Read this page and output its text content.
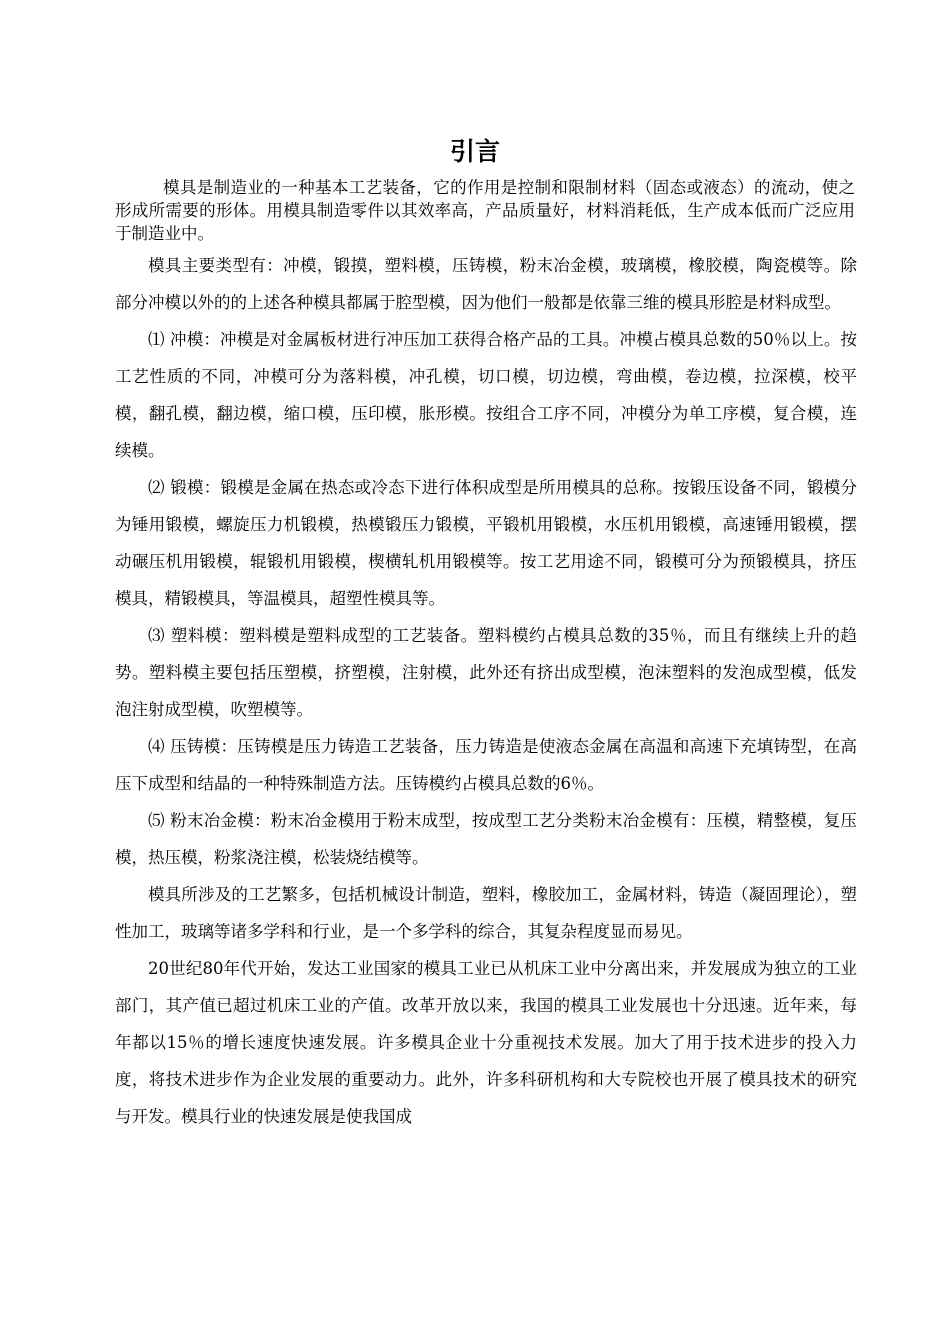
引言

模具是制造业的一种基本工艺装备，它的作用是控制和限制材料（固态或液态）的流动，使之形成所需要的形体。用模具制造零件以其效率高，产品质量好，材料消耗低，生产成本低而广泛应用于制造业中。

模具主要类型有：冲模，锻摸，塑料模，压铸模，粉末冶金模，玻璃模，橡胶模，陶瓷模等。除部分冲模以外的的上述各种模具都属于腔型模，因为他们一般都是依靠三维的模具形腔是材料成型。

⑴ 冲模：冲模是对金属板材进行冲压加工获得合格产品的工具。冲模占模具总数的50％以上。按工艺性质的不同，冲模可分为落料模，冲孔模，切口模，切边模，弯曲模，卷边模，拉深模，校平模，翻孔模，翻边模，缩口模，压印模，胀形模。按组合工序不同，冲模分为单工序模，复合模，连续模。

⑵ 锻模：锻模是金属在热态或冷态下进行体积成型是所用模具的总称。按锻压设备不同，锻模分为锤用锻模，螺旋压力机锻模，热模锻压力锻模，平锻机用锻模，水压机用锻模，高速锤用锻模，摆动碾压机用锻模，辊锻机用锻模，楔横轧机用锻模等。按工艺用途不同，锻模可分为预锻模具，挤压模具，精锻模具，等温模具，超塑性模具等。

⑶ 塑料模：塑料模是塑料成型的工艺装备。塑料模约占模具总数的35％，而且有继续上升的趋势。塑料模主要包括压塑模，挤塑模，注射模，此外还有挤出成型模，泡沫塑料的发泡成型模，低发泡注射成型模，吹塑模等。

⑷ 压铸模：压铸模是压力铸造工艺装备，压力铸造是使液态金属在高温和高速下充填铸型，在高压下成型和结晶的一种特殊制造方法。压铸模约占模具总数的6％。

⑸ 粉末冶金模：粉末冶金模用于粉末成型，按成型工艺分类粉末冶金模有：压模，精整模，复压模，热压模，粉浆浇注模，松装烧结模等。

模具所涉及的工艺繁多，包括机械设计制造，塑料，橡胶加工，金属材料，铸造（凝固理论），塑性加工，玻璃等诸多学科和行业，是一个多学科的综合，其复杂程度显而易见。

20世纪80年代开始，发达工业国家的模具工业已从机床工业中分离出来，并发展成为独立的工业部门，其产值已超过机床工业的产值。改革开放以来，我国的模具工业发展也十分迅速。近年来，每年都以15％的增长速度快速发展。许多模具企业十分重视技术发展。加大了用于技术进步的投入力度，将技术进步作为企业发展的重要动力。此外，许多科研机构和大专院校也开展了模具技术的研究与开发。模具行业的快速发展是使我国成
